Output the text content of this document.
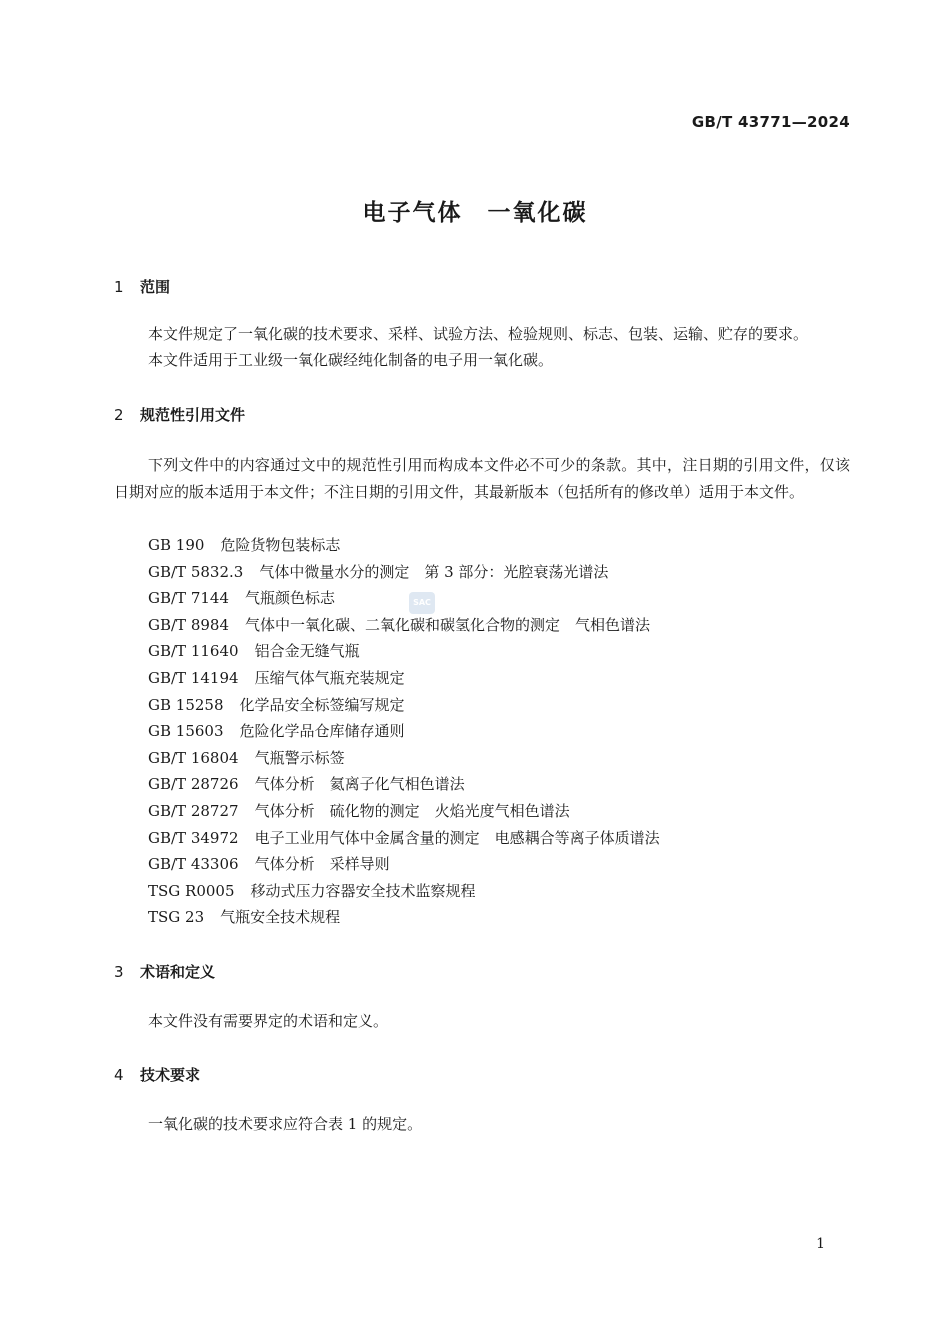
GB/T 43771—2024
电子气体　一氧化碳
1 范围
本文件规定了一氧化碳的技术要求、采样、试验方法、检验规则、标志、包装、运输、贮存的要求。
本文件适用于工业级一氧化碳经纯化制备的电子用一氧化碳。
2 规范性引用文件
下列文件中的内容通过文中的规范性引用而构成本文件必不可少的条款。其中，注日期的引用文件，仅该日期对应的版本适用于本文件；不注日期的引用文件，其最新版本（包括所有的修改单）适用于本文件。
GB 190 危险货物包装标志
GB/T 5832.3 气体中微量水分的测定　第 3 部分：光腔衰荡光谱法
GB/T 7144 气瓶颜色标志
GB/T 8984 气体中一氧化碳、二氧化碳和碳氢化合物的测定　气相色谱法
GB/T 11640 铝合金无缝气瓶
GB/T 14194 压缩气体气瓶充装规定
GB 15258 化学品安全标签编写规定
GB 15603 危险化学品仓库储存通则
GB/T 16804 气瓶警示标签
GB/T 28726 气体分析　氦离子化气相色谱法
GB/T 28727 气体分析　硫化物的测定　火焰光度气相色谱法
GB/T 34972 电子工业用气体中金属含量的测定　电感耦合等离子体质谱法
GB/T 43306 气体分析　采样导则
TSG R0005 移动式压力容器安全技术监察规程
TSG 23 气瓶安全技术规程
SAC
3 术语和定义
本文件没有需要界定的术语和定义。
4 技术要求
一氧化碳的技术要求应符合表 1 的规定。
1
